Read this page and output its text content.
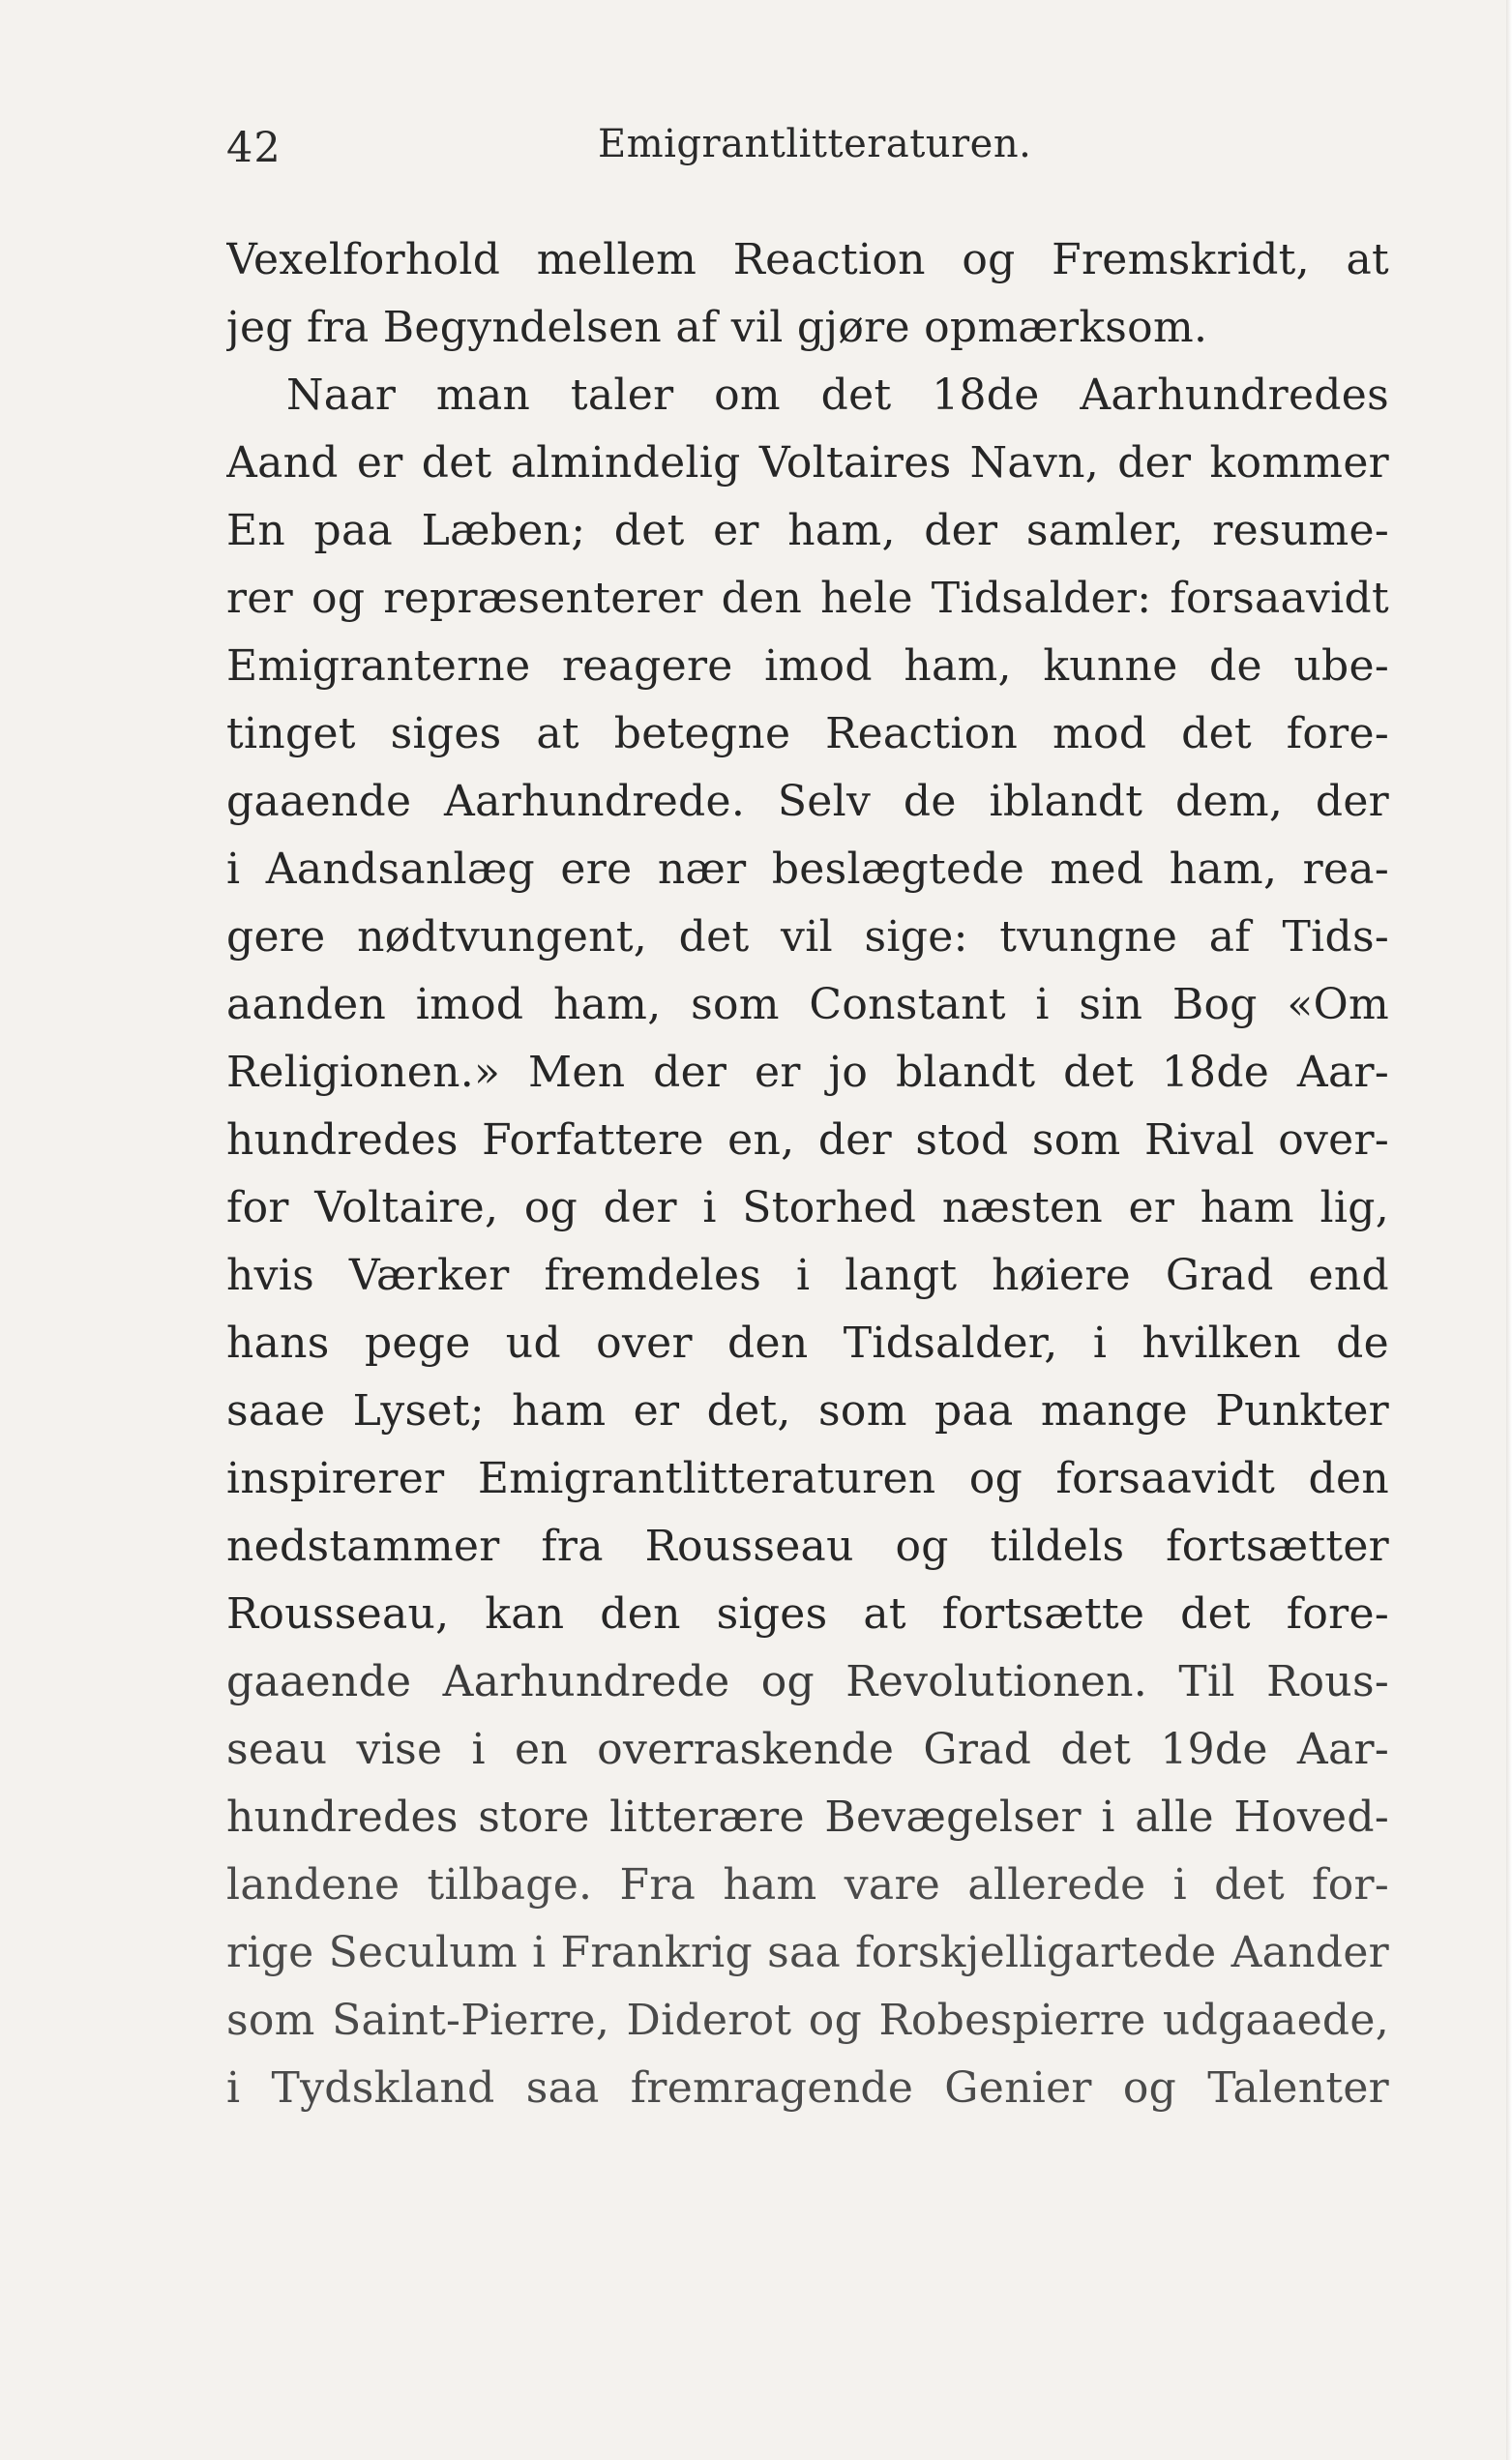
42	Emigrantlitteraturen.
Vexelforhold mellem Reaction og Fremskridt, at
jeg fra Begyndelsen af vil gjøre opmærksom.
Naar man taler om det 18de Aarhundredes
Aand er det almindelig Voltaires Navn, der kommer
En paa Læben; det er ham, der samler, resume-
rer og repræsenterer den hele Tidsalder: forsaavidt
Emigranterne reagere imod ham, kunne de ube-
tinget siges at betegne Reaction mod det fore-
gaaende Aarhundrede. Selv de iblandt dem, der
i Aandsanlæg ere nær beslægtede med ham, rea-
gere nødtvungent, det vil sige: tvungne af Tids-
aanden imod ham, som Constant i sin Bog «Om
Religionen.» Men der er jo blandt det 18de Aar-
hundredes Forfattere en, der stod som Rival over-
for Voltaire, og der i Storhed næsten er ham lig,
hvis Værker fremdeles i langt høiere Grad end
hans pege ud over den Tidsalder, i hvilken de
saae Lyset; ham er det, som paa mange Punkter
inspirerer Emigrantlitteraturen og forsaavidt den
nedstammer fra Rousseau og tildels fortsætter
Rousseau, kan den siges at fortsætte det fore-
gaaende Aarhundrede og Revolutionen. Til Rous-
seau vise i en overraskende Grad det 19de Aar-
hundredes store litterære Bevægelser i alle Hoved-
landene tilbage. Fra ham vare allerede i det for-
rige Seculum i Frankrig saa forskjelligartede Aander
som Saint-Pierre, Diderot og Robespierre udgaaede,
i Tydskland saa fremragende Genier og Talenter
